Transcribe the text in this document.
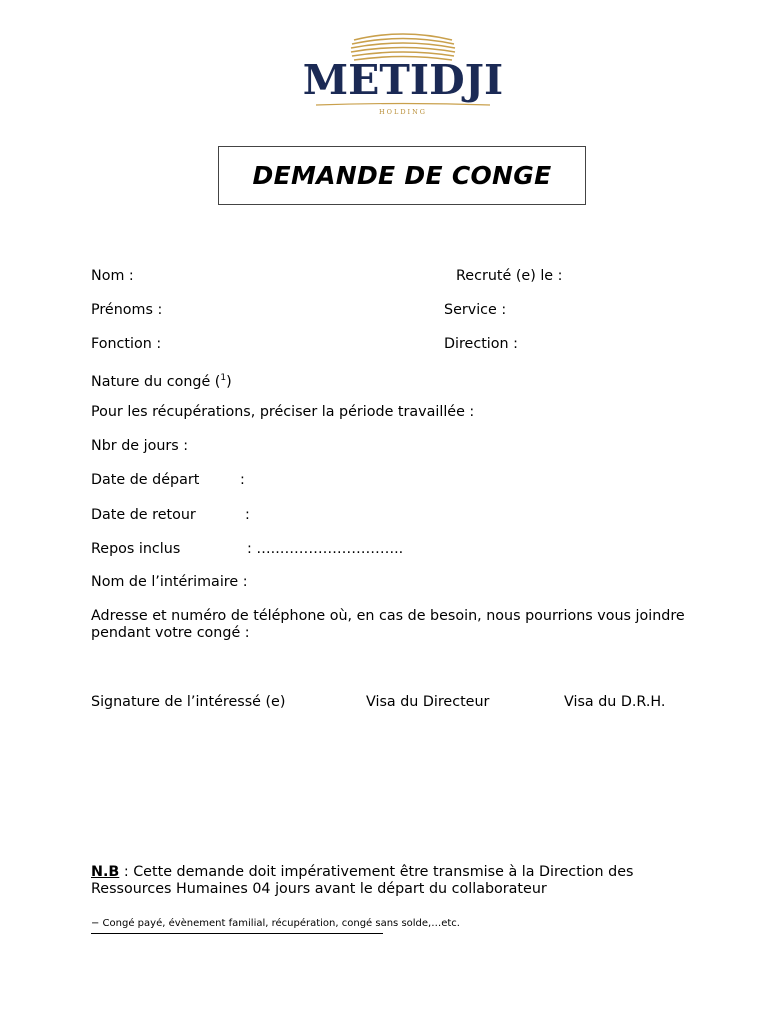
METIDJI
HOLDING
DEMANDE DE CONGE
Nom :	Recruté (e) le :
Prénoms :	Service :
Fonction :	Direction :
Nature du congé ($^1$)
Pour les récupérations, préciser la période travaillée :
Nbr de jours :
Date de départ	:
Date de retour	:
Repos inclus	: …..……………………..
Nom de l’intérimaire :
Adresse et numéro de téléphone où, en cas de besoin, nous pourrions vous joindre pendant votre congé :
Signature de l’intéressé (e)	Visa du Directeur	Visa du D.R.H.
N.B : Cette demande doit impérativement être transmise à la Direction des Ressources Humaines 04 jours avant le départ du collaborateur
− Congé payé, évènement familial, récupération, congé sans solde,…etc.
